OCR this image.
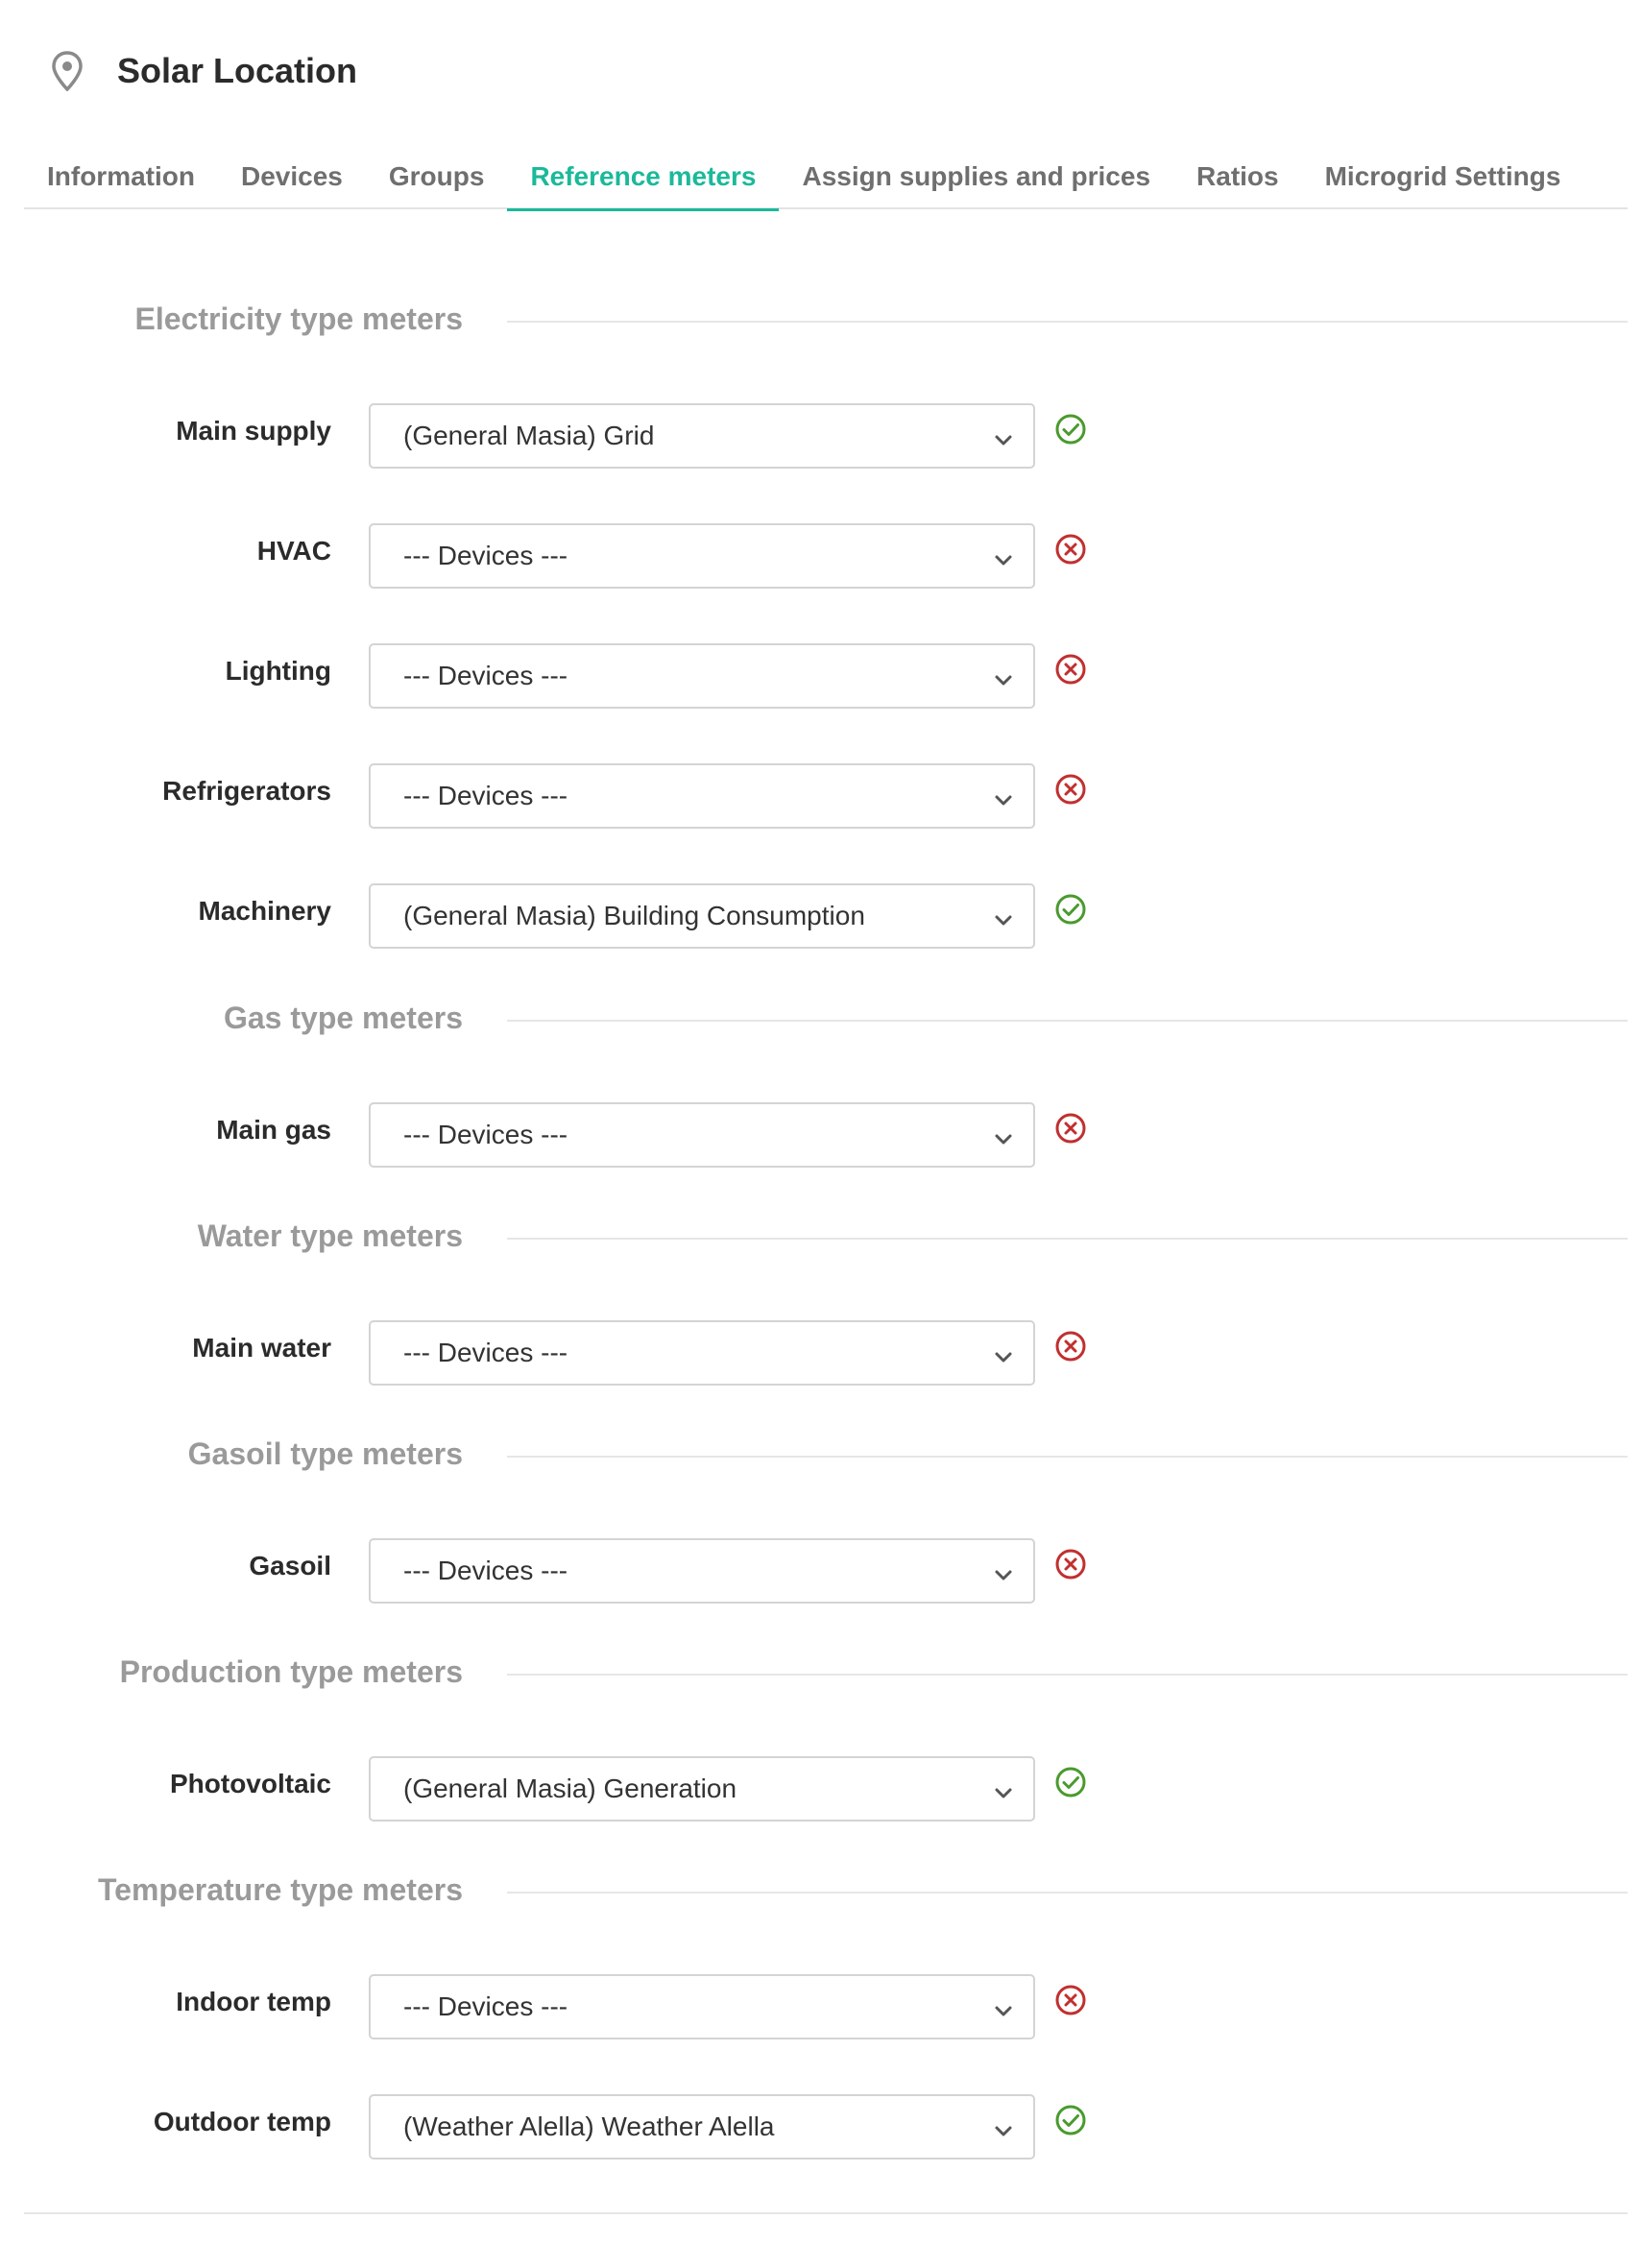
Solar Location
Information	Devices	Groups	Reference meters	Assign supplies and prices	Ratios	Microgrid Settings
Electricity type meters
Main supply	(General Masia) Grid
HVAC	--- Devices ---
Lighting	--- Devices ---
Refrigerators	--- Devices ---
Machinery	(General Masia) Building Consumption
Gas type meters
Main gas	--- Devices ---
Water type meters
Main water	--- Devices ---
Gasoil type meters
Gasoil	--- Devices ---
Production type meters
Photovoltaic	(General Masia) Generation
Temperature type meters
Indoor temp	--- Devices ---
Outdoor temp	(Weather Alella) Weather Alella
